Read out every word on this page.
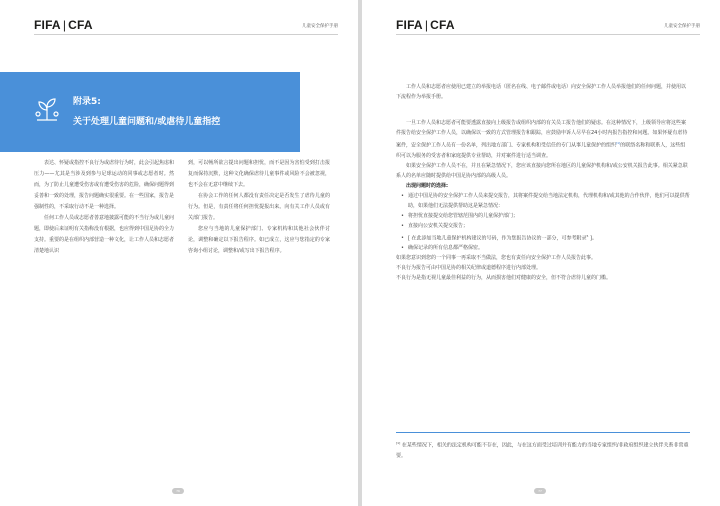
FIFA | CFA	儿童安全保护手册
附录5:
关于处理儿童问题和/或虐待儿童指控

表达、怀疑或指控不良行为或虐待行为时，此会引起焦虑和压力——尤其是当涉及到参与足球运动的同事或志愿者时。然而，为了防止儿童遭受伤害或有遭受伤害的危险，确保问题得到妥善和一致的处理，报告问题确实很重要。在一些国家，报告是强制性的，不采取行动不是一种选择。

任何工作人员或志愿者善意地披露可能的不当行为或儿童问题，即使后来证明有关指称没有根据，也应得到中国足协的全力支持。重要的是在组织内部营造一种文化，让工作人员和志愿者清楚地认识

到，可以畅所欲言提出问题和担忧，而不是因为害怕受到打击报复而保持沉默，这种文化确保虐待儿童事件或风险不会被忽视，也不会在无意中继续下去。

在协会工作的任何人都没有责任决定是否发生了虐待儿童的行为。但是，有责任将任何担忧提报出来。向有关工作人员或有关部门报告。

您应与当地的儿童保护部门、专家机构和其他社会伙伴讨论，调整和确定以下报告程序。如已成立，这应与您指定的专家咨询小组讨论，调整和/或写出下报告程序。

76
FIFA | CFA	儿童安全保护手册

工作人员和志愿者应使用已建立的举报电话（匿名在线、电子邮件或电话）向安全保护工作人员举报他们的任何问题，并使用以下流程作为举报手册。

一旦工作人员和志愿者可能要透露直接向上级报告或组织内部的有关员工报告他们的疑虑。在这种情况下，上级领导应将这些案件报告给安全保护工作人员，以确保以一致的方式管理报告和跟踪，应鼓励申诉人尽早在24小时内报告指控和问题。如果怀疑有虐待案件，安全保护工作人员有一份名单，列出地方部门、专家机构和受信任的专门从事儿童保护的组织[1]的联络名称和联系人，这些组织可以为服务的受害者和家庭提供专业帮助，并对案件进行适当调查。

如果安全保护工作人员不在，并且在紧急情况下，您应该直接向您所在地区的儿童保护机构和/或公安机关报告此事。相关紧急联系人的名单应随时提供给中国足协内部的高级人员。

出现问题时的选择:

• 通过中国足协的安全保护工作人员来提交报告，其将案件提交给当地法定机构，代理机构和/或其他的合作伙伴，他们可以提供帮助，如果他们无法提供帮助这是紧急情况：
• 将担忧直接提交给您管辖范围内的儿童保护部门；
• 直接向公安机关提交报告；
• [ 在此添加当地儿童保护机构建议的号码，作为您报告协议的一部分，可参考附录$^5$ ]。
• 确保记录的所有信息都严格保密。

如果您意识到您的一个同事一再采取不当做法，您也有责任向安全保护工作人员报告此事。

不良行为报告可由中国足协的相关纪律或道德程序进行内部处理。

不良行为是指无视儿童最佳利益的行为，从而损害他们对健康的安全，但不符合虐待儿童的门槛。

[1] 在某些情况下，相关的法定机构可能不存在，因此，与在这方面受过培训并有能力的当地专家组织/非政府组织建立伙伴关系非常重要。

77
